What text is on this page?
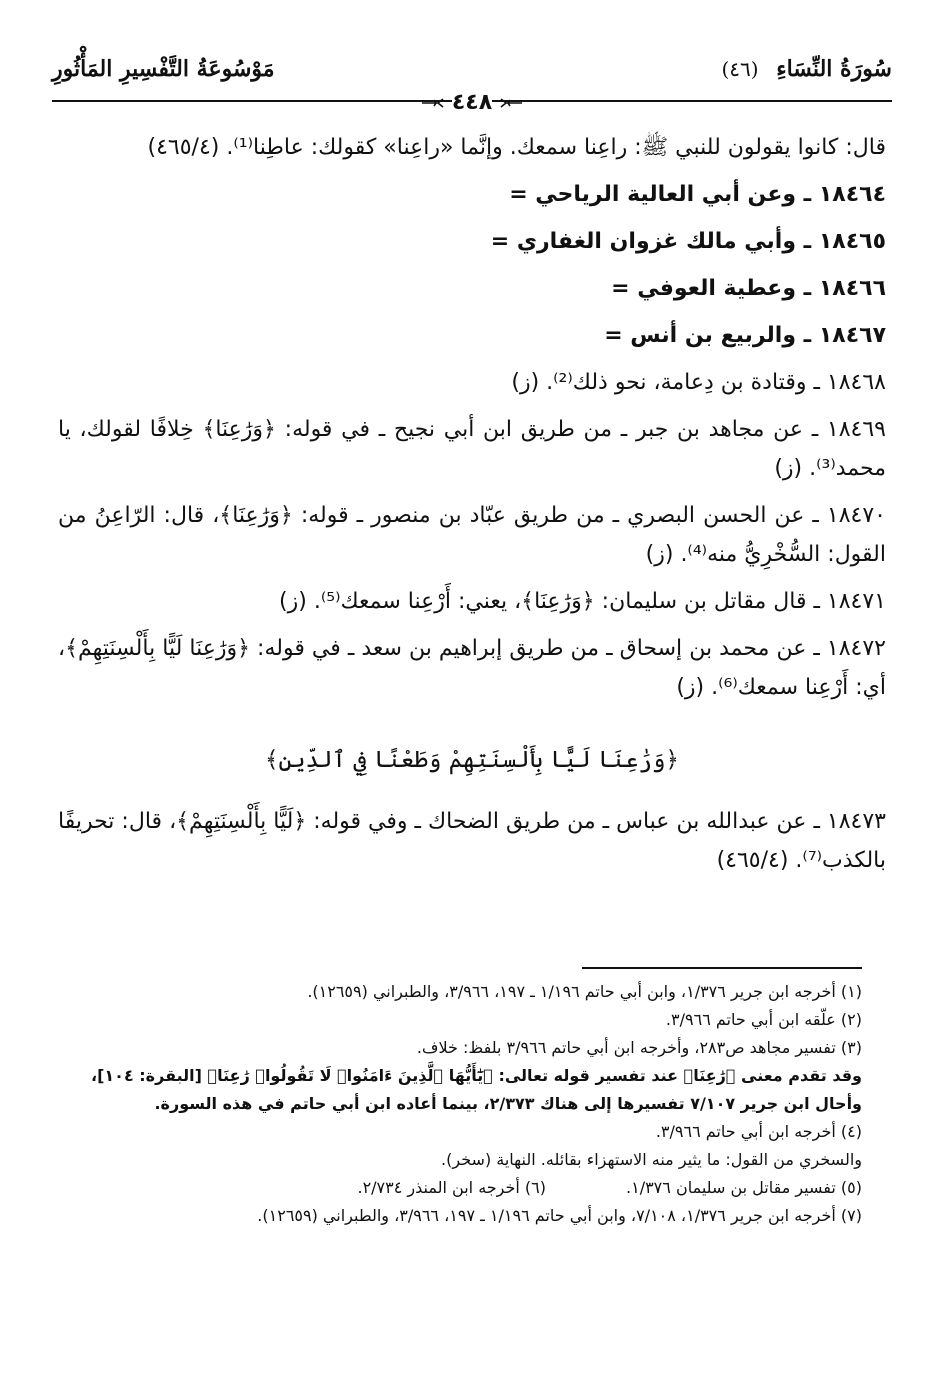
سُورَةُ النِّسَاءِ (٤٦)
مَوْسُوعَةُ التَّفْسِيرِ المَأْثُورِ
٤٤٨

قال: كانوا يقولون للنبي ﷺ: راعِنا سمعك. وإنَّما «راعِنا» كقولك: عاطِنا⁽¹⁾. (٤٦٥/٤)

١٨٤٦٤ ـ وعن أبي العالية الرياحي =

١٨٤٦٥ ـ وأبي مالك غزوان الغفاري =

١٨٤٦٦ ـ وعطية العوفي =

١٨٤٦٧ ـ والربيع بن أنس =

١٨٤٦٨ ـ وقتادة بن دِعامة، نحو ذلك⁽²⁾. (ز)

١٨٤٦٩ ـ عن مجاهد بن جبر ـ من طريق ابن أبي نجيح ـ في قوله: ﴿وَرَٰعِنَا﴾ خِلافًا لقولك، يا محمد⁽³⁾. (ز)

١٨٤٧٠ ـ عن الحسن البصري ـ من طريق عبّاد بن منصور ـ قوله: ﴿وَرَٰعِنَا﴾، قال: الرّاعِنُ من القول: السُّخْرِيُّ منه⁽⁴⁾. (ز)

١٨٤٧١ ـ قال مقاتل بن سليمان: ﴿وَرَٰعِنَا﴾، يعني: أَرْعِنا سمعك⁽⁵⁾. (ز)

١٨٤٧٢ ـ عن محمد بن إسحاق ـ من طريق إبراهيم بن سعد ـ في قوله: ﴿وَرَٰعِنَا لَيًّا بِأَلْسِنَتِهِمْ﴾، أي: أَرْعِنا سمعك⁽⁶⁾. (ز)

﴿وَرَٰعِنَا لَيًّا بِأَلْسِنَتِهِمْ وَطَعْنًا فِي ٱلدِّينِ﴾

١٨٤٧٣ ـ عن عبدالله بن عباس ـ من طريق الضحاك ـ وفي قوله: ﴿لَيًّا بِأَلْسِنَتِهِمْ﴾، قال: تحريفًا بالكذب⁽⁷⁾. (٤٦٥/٤)

(١) أخرجه ابن جرير ١/٣٧٦، وابن أبي حاتم ١/١٩٦ ـ ١٩٧، ٣/٩٦٦، والطبراني (١٢٦٥٩).

(٢) علّقه ابن أبي حاتم ٣/٩٦٦.

(٣) تفسير مجاهد ص٢٨٣، وأخرجه ابن أبي حاتم ٣/٩٦٦ بلفظ: خلاف.

وقد تقدم معنى ﴿رَٰعِنَا﴾ عند تفسير قوله تعالى: ﴿يَٰٓأَيُّهَا ٱلَّذِينَ ءَامَنُوا۟ لَا تَقُولُوا۟ رَٰعِنَا﴾ [البقرة: ١٠٤]،

وأحال ابن جرير ٧/١٠٧ تفسيرها إلى هناك ٢/٣٧٣، بينما أعاده ابن أبي حاتم في هذه السورة.

(٤) أخرجه ابن أبي حاتم ٣/٩٦٦.

والسخري من القول: ما يثير منه الاستهزاء بقائله. النهاية (سخر).

(٥) تفسير مقاتل بن سليمان ١/٣٧٦.
(٦) أخرجه ابن المنذر ٢/٧٣٤.

(٧) أخرجه ابن جرير ١/٣٧٦، ٧/١٠٨، وابن أبي حاتم ١/١٩٦ ـ ١٩٧، ٣/٩٦٦، والطبراني (١٢٦٥٩).
